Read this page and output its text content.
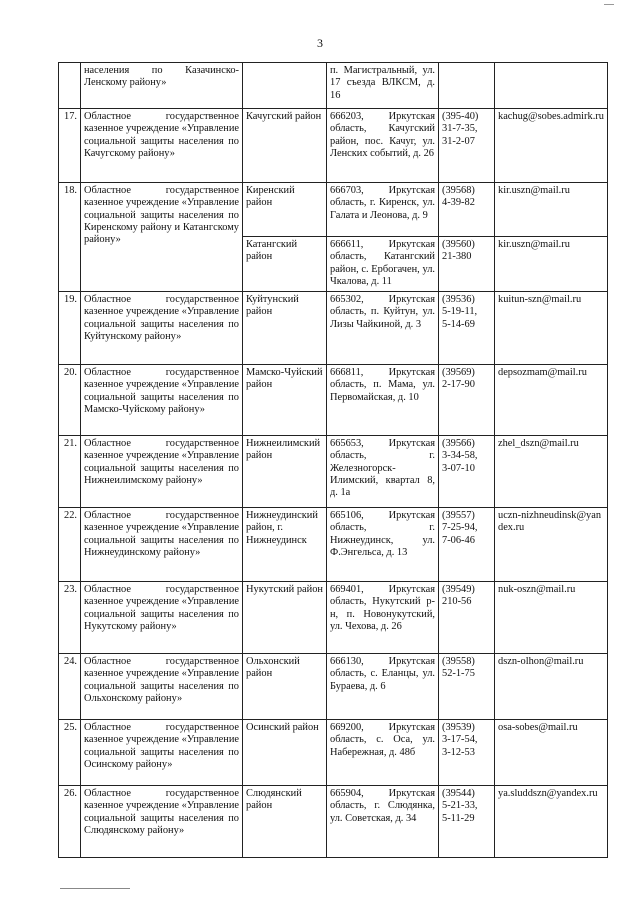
3
	населения по Казачинско-Ленскому району»		п. Магистральный, ул. 17 съезда ВЛКСМ, д. 16		
17.	Областное государственное казенное учреждение «Управление социальной защиты населения по Качугскому району»	Качугский район	666203, Иркутская область, Качугский район, пос. Качуг, ул. Ленских событий, д. 26	(395-40)
31-7-35,
31-2-07	kachug@sobes.admirk.ru
18.	Областное государственное казенное учреждение «Управление социальной защиты населения по Киренскому району и Катангскому району»	Киренский район	666703, Иркутская область, г. Киренск, ул. Галата и Леонова, д. 9	(39568)
4-39-82	kir.uszn@mail.ru
		Катангский район	666611, Иркутская область, Катангский район, с. Ербогачен, ул. Чкалова, д. 11	(39560)
21-380	kir.uszn@mail.ru
19.	Областное государственное казенное учреждение «Управление социальной защиты населения по Куйтунскому району»	Куйтунский район	665302, Иркутская область, п. Куйтун, ул. Лизы Чайкиной, д. 3	(39536)
5-19-11,
5-14-69	kuitun-szn@mail.ru
20.	Областное государственное казенное учреждение «Управление социальной защиты населения по Мамско-Чуйскому району»	Мамско-Чуйский район	666811, Иркутская область, п. Мама, ул. Первомайская, д. 10	(39569)
2-17-90	depsozmam@mail.ru
21.	Областное государственное казенное учреждение «Управление социальной защиты населения по Нижнеилимскому району»	Нижнеилимский район	665653, Иркутская область, г. Железногорск-Илимский, квартал 8, д. 1а	(39566)
3-34-58,
3-07-10	zhel_dszn@mail.ru
22.	Областное государственное казенное учреждение «Управление социальной защиты населения по Нижнеудинскому району»	Нижнеудинский район, г. Нижнеудинск	665106, Иркутская область, г. Нижнеудинск, ул. Ф.Энгельса, д. 13	(39557)
7-25-94,
7-06-46	uczn-nizhneudinsk@yandex.ru
23.	Областное государственное казенное учреждение «Управление социальной защиты населения по Нукутскому району»	Нукутский район	669401, Иркутская область, Нукутский р-н, п. Новонукутский, ул. Чехова, д. 26	(39549)
210-56	nuk-oszn@mail.ru
24.	Областное государственное казенное учреждение «Управление социальной защиты населения по Ольхонскому району»	Ольхонский район	666130, Иркутская область, с. Еланцы, ул. Бураева, д. 6	(39558)
52-1-75	dszn-olhon@mail.ru
25.	Областное государственное казенное учреждение «Управление социальной защиты населения по Осинскому району»	Осинский район	669200, Иркутская область, с. Оса, ул. Набережная, д. 48б	(39539)
3-17-54,
3-12-53	osa-sobes@mail.ru
26.	Областное государственное казенное учреждение «Управление социальной защиты населения по Слюдянскому району»	Слюдянский район	665904, Иркутская область, г. Слюдянка, ул. Советская, д. 34	(39544)
5-21-33,
5-11-29	ya.sluddszn@yandex.ru
